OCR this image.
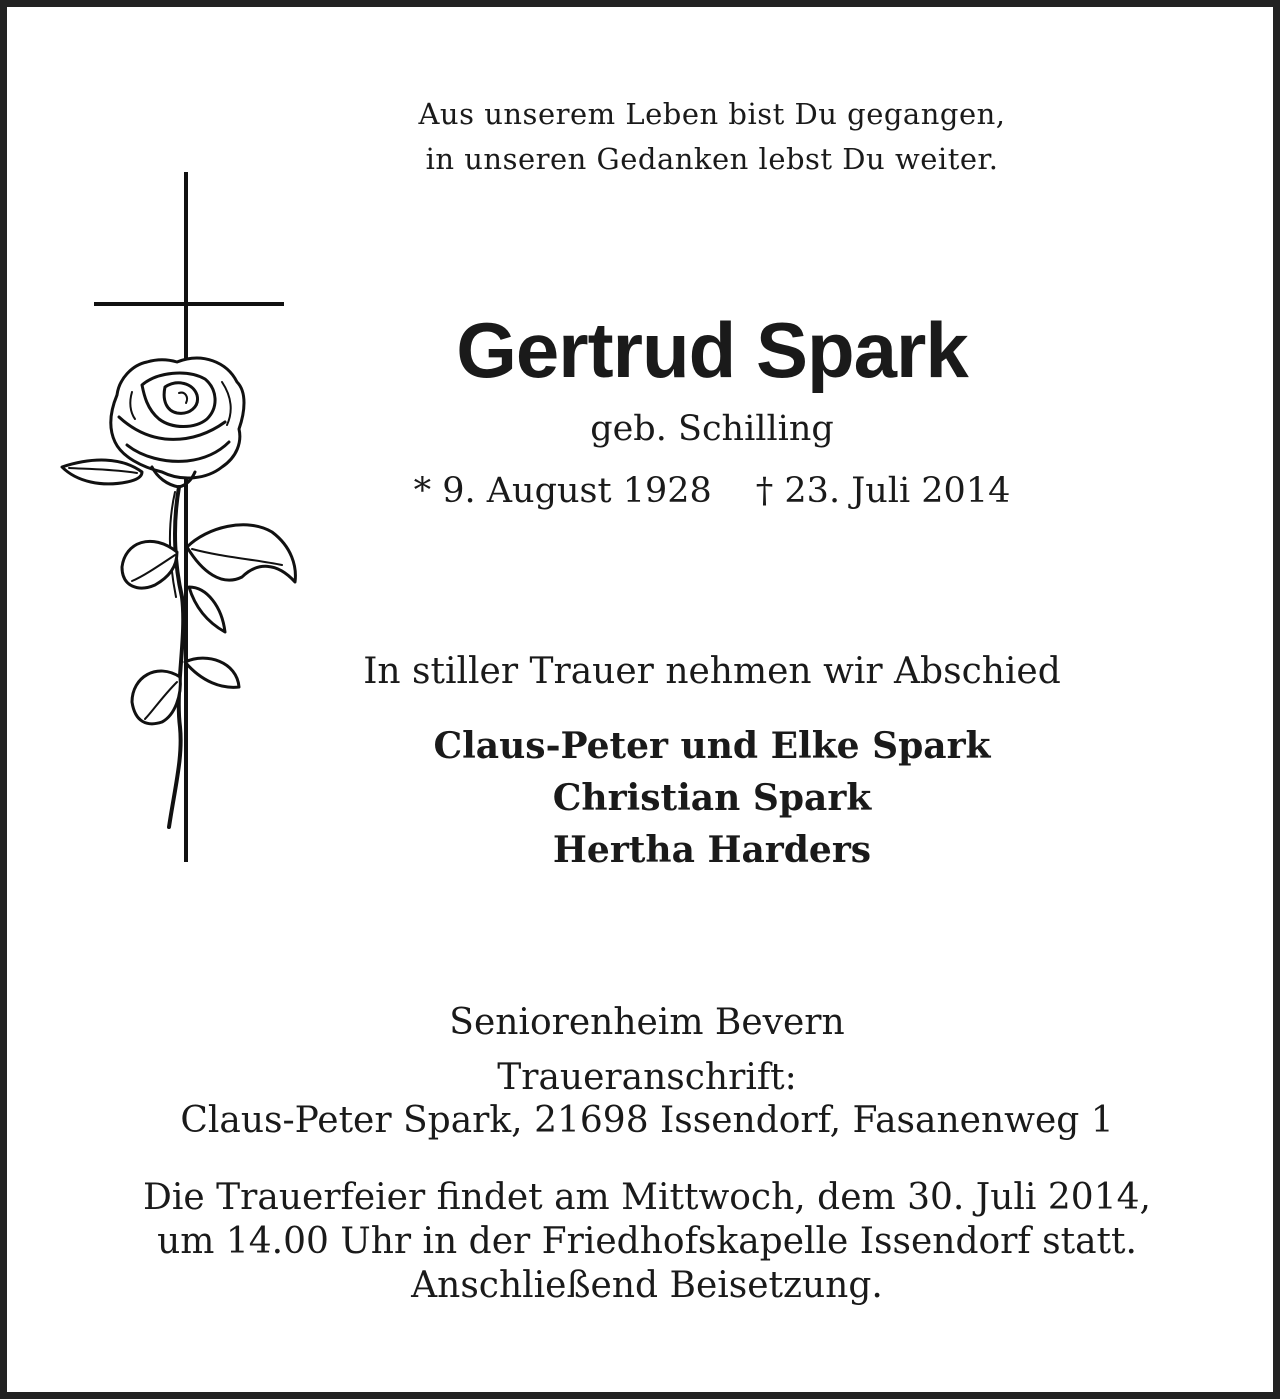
Aus unserem Leben bist Du gegangen,
in unseren Gedanken lebst Du weiter.
Gertrud Spark
geb. Schilling
* 9. August 1928 † 23. Juli 2014
In stiller Trauer nehmen wir Abschied
Claus-Peter und Elke Spark
Christian Spark
Hertha Harders
Seniorenheim Bevern
Traueranschrift:
Claus-Peter Spark, 21698 Issendorf, Fasanenweg 1
Die Trauerfeier findet am Mittwoch, dem 30. Juli 2014,
um 14.00 Uhr in der Friedhofskapelle Issendorf statt.
Anschließend Beisetzung.
